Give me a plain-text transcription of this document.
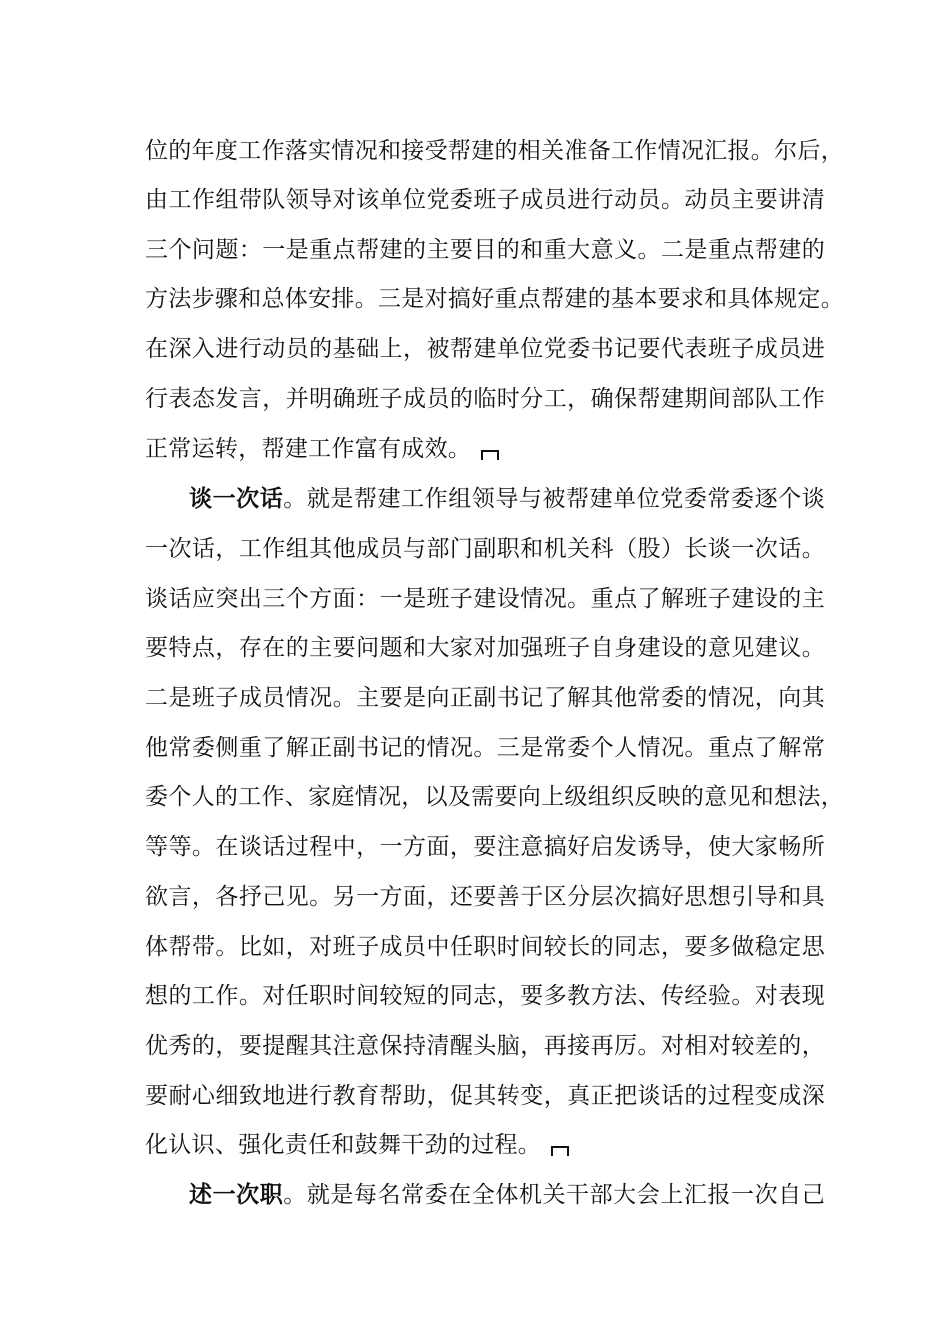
位的年度工作落实情况和接受帮建的相关准备工作情况汇报。尔后，
由工作组带队领导对该单位党委班子成员进行动员。动员主要讲清
三个问题：一是重点帮建的主要目的和重大意义。二是重点帮建的
方法步骤和总体安排。三是对搞好重点帮建的基本要求和具体规定。
在深入进行动员的基础上，被帮建单位党委书记要代表班子成员进
行表态发言，并明确班子成员的临时分工，确保帮建期间部队工作
正常运转，帮建工作富有成效。
谈一次话。就是帮建工作组领导与被帮建单位党委常委逐个谈
一次话，工作组其他成员与部门副职和机关科（股）长谈一次话。
谈话应突出三个方面：一是班子建设情况。重点了解班子建设的主
要特点，存在的主要问题和大家对加强班子自身建设的意见建议。
二是班子成员情况。主要是向正副书记了解其他常委的情况，向其
他常委侧重了解正副书记的情况。三是常委个人情况。重点了解常
委个人的工作、家庭情况，以及需要向上级组织反映的意见和想法，
等等。在谈话过程中，一方面，要注意搞好启发诱导，使大家畅所
欲言，各抒己见。另一方面，还要善于区分层次搞好思想引导和具
体帮带。比如，对班子成员中任职时间较长的同志，要多做稳定思
想的工作。对任职时间较短的同志，要多教方法、传经验。对表现
优秀的，要提醒其注意保持清醒头脑，再接再厉。对相对较差的，
要耐心细致地进行教育帮助，促其转变，真正把谈话的过程变成深
化认识、强化责任和鼓舞干劲的过程。
述一次职。就是每名常委在全体机关干部大会上汇报一次自己
